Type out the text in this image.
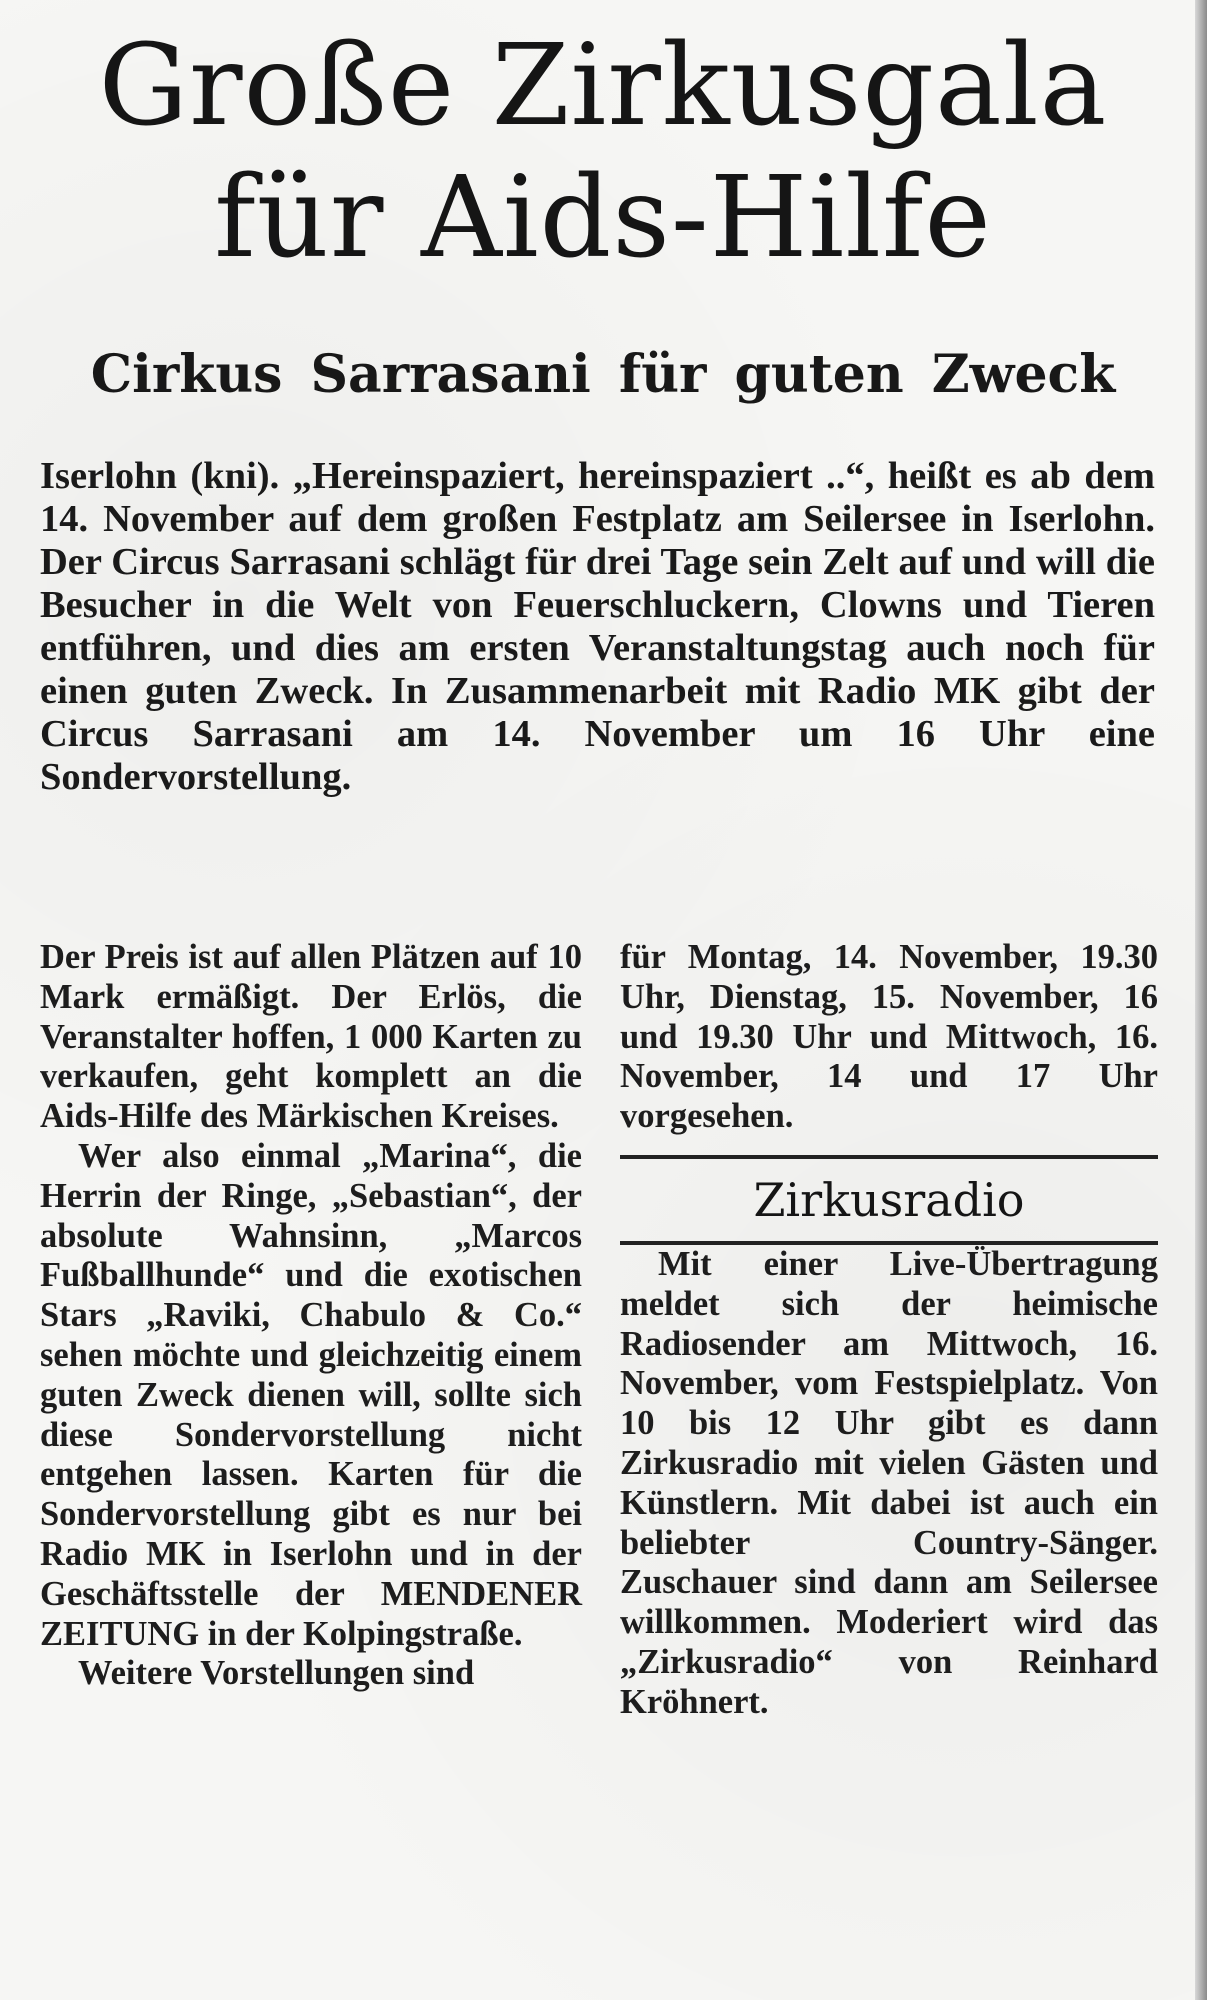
Große Zirkusgala für Aids-Hilfe
Cirkus Sarrasani für guten Zweck

Iserlohn (kni). „Hereinspaziert, hereinspaziert ..“, heißt es ab dem 14. November auf dem großen Festplatz am Seilersee in Iserlohn. Der Circus Sarrasani schlägt für drei Tage sein Zelt auf und will die Besucher in die Welt von Feuerschluckern, Clowns und Tieren entführen, und dies am ersten Veranstaltungstag auch noch für einen guten Zweck. In Zusammenarbeit mit Radio MK gibt der Circus Sarrasani am 14. November um 16 Uhr eine Sondervorstellung.

Der Preis ist auf allen Plätzen auf 10 Mark ermäßigt. Der Erlös, die Veranstalter hoffen, 1 000 Karten zu verkaufen, geht komplett an die Aids-Hilfe des Märkischen Kreises.

Wer also einmal „Marina“, die Herrin der Ringe, „Sebastian“, der absolute Wahnsinn, „Marcos Fußballhunde“ und die exotischen Stars „Raviki, Chabulo & Co.“ sehen möchte und gleichzeitig einem guten Zweck dienen will, sollte sich diese Sondervorstellung nicht entgehen lassen. Karten für die Sondervorstellung gibt es nur bei Radio MK in Iserlohn und in der Geschäftsstelle der MENDENER ZEITUNG in der Kolpingstraße.

Weitere Vorstellungen sind

für Montag, 14. November, 19.30 Uhr, Dienstag, 15. November, 16 und 19.30 Uhr und Mittwoch, 16. November, 14 und 17 Uhr vorgesehen.

Zirkusradio

Mit einer Live-Übertragung meldet sich der heimische Radiosender am Mittwoch, 16. November, vom Festspielplatz. Von 10 bis 12 Uhr gibt es dann Zirkusradio mit vielen Gästen und Künstlern. Mit dabei ist auch ein beliebter Country-Sänger. Zuschauer sind dann am Seilersee willkommen. Moderiert wird das „Zirkusradio“ von Reinhard Kröhnert.
